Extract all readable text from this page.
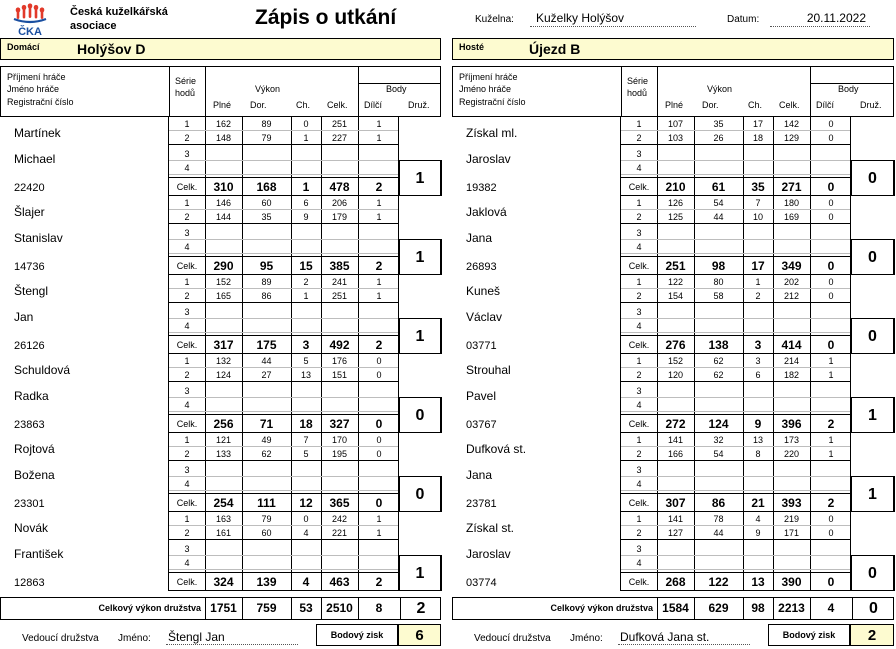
ČKA
Česká kuželkářská
asociace	Zápis o utkání	Kuželna:	Kuželky Holýšov	Datum:	20.11.2022
Domácí	Holýšov D	Hosté	Újezd B
Příjmení hráče
Jméno hráče
Registrační číslo
Série
hodů	Výkon
Plné Dor.	Ch. Celk.
Body
Dílčí	Druž.
Martínek
Michael
22420
1	162	89	0	251	1
2	148	79	1	227	1
3
4
Celk.	310	168	1	478	2	1
Šlajer
Stanislav
14736
1	146	60	6	206	1
2	144	35	9	179	1
3
4
Celk.	290	95	15	385	2	1
Štengl
Jan
26126
1	152	89	2	241	1
2	165	86	1	251	1
3
4
Celk.	317	175	3	492	2	1
Schuldová
Radka
23863
1	132	44	5	176	0
2	124	27	13	151	0
3
4
Celk.	256	71	18	327	0	0
Rojtová
Božena
23301
1	121	49	7	170	0
2	133	62	5	195	0
3
4
Celk.	254	111	12	365	0	0
Novák
František
12863
1	163	79	0	242	1
2	161	60	4	221	1
3
4
Celk.	324	139	4	463	2	1
Celkový výkon družstva 1751	759	53	2510	8	2
Vedoucí družstva Jméno: Štengl Jan	Bodový zisk	6
Příjmení hráče
Jméno hráče
Registrační číslo
Série
hodů	Výkon
Plné Dor.	Ch. Celk.
Body
Dílčí	Druž.
Získal ml.
Jaroslav
19382
1	107	35	17	142	0
2	103	26	18	129	0
3
4
Celk.	210	61	35	271	0	0
Jaklová
Jana
26893
1	126	54	7	180	0
2	125	44	10	169	0
3
4
Celk.	251	98	17	349	0	0
Kuneš
Václav
03771
1	122	80	1	202	0
2	154	58	2	212	0
3
4
Celk.	276	138	3	414	0	0
Strouhal
Pavel
03767
1	152	62	3	214	1
2	120	62	6	182	1
3
4
Celk.	272	124	9	396	2	1
Dufková st.
Jana
23781
1	141	32	13	173	1
2	166	54	8	220	1
3
4
Celk.	307	86	21	393	2	1
Získal st.
Jaroslav
03774
1	141	78	4	219	0
2	127	44	9	171	0
3
4
Celk.	268	122	13	390	0	0
Celkový výkon družstva 1584	629	98	2213	4	0
Vedoucí družstva Jméno: Dufková Jana st.	Bodový zisk	2
